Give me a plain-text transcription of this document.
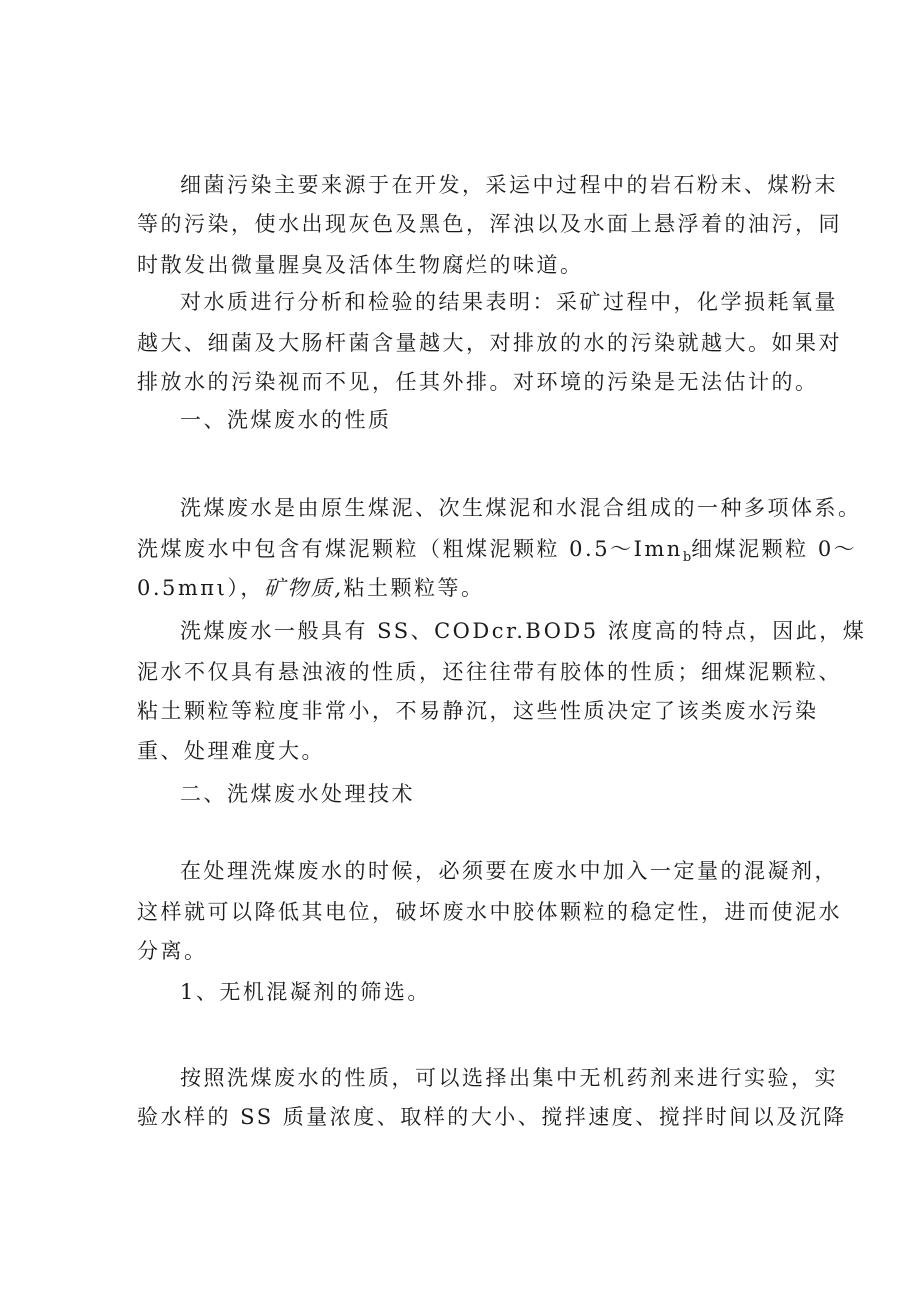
细菌污染主要来源于在开发，采运中过程中的岩石粉末、煤粉末
等的污染，使水出现灰色及黑色，浑浊以及水面上悬浮着的油污，同
时散发出微量腥臭及活体生物腐烂的味道。
对水质进行分析和检验的结果表明：采矿过程中，化学损耗氧量
越大、细菌及大肠杆菌含量越大，对排放的水的污染就越大。如果对
排放水的污染视而不见，任其外排。对环境的污染是无法估计的。
一、洗煤废水的性质
洗煤废水是由原生煤泥、次生煤泥和水混合组成的一种多项体系。
洗煤废水中包含有煤泥颗粒（粗煤泥颗粒 0.5～Imn$_b$细煤泥颗粒 0～
0.5mπι），矿物质,粘土颗粒等。
洗煤废水一般具有 SS、CODcr.BOD5 浓度高的特点，因此，煤
泥水不仅具有悬浊液的性质，还往往带有胶体的性质；细煤泥颗粒、
粘土颗粒等粒度非常小，不易静沉，这些性质决定了该类废水污染
重、处理难度大。
二、洗煤废水处理技术
在处理洗煤废水的时候，必须要在废水中加入一定量的混凝剂，
这样就可以降低其电位，破坏废水中胶体颗粒的稳定性，进而使泥水
分离。
1、无机混凝剂的筛选。
按照洗煤废水的性质，可以选择出集中无机药剂来进行实验，实
验水样的 SS 质量浓度、取样的大小、搅拌速度、搅拌时间以及沉降
